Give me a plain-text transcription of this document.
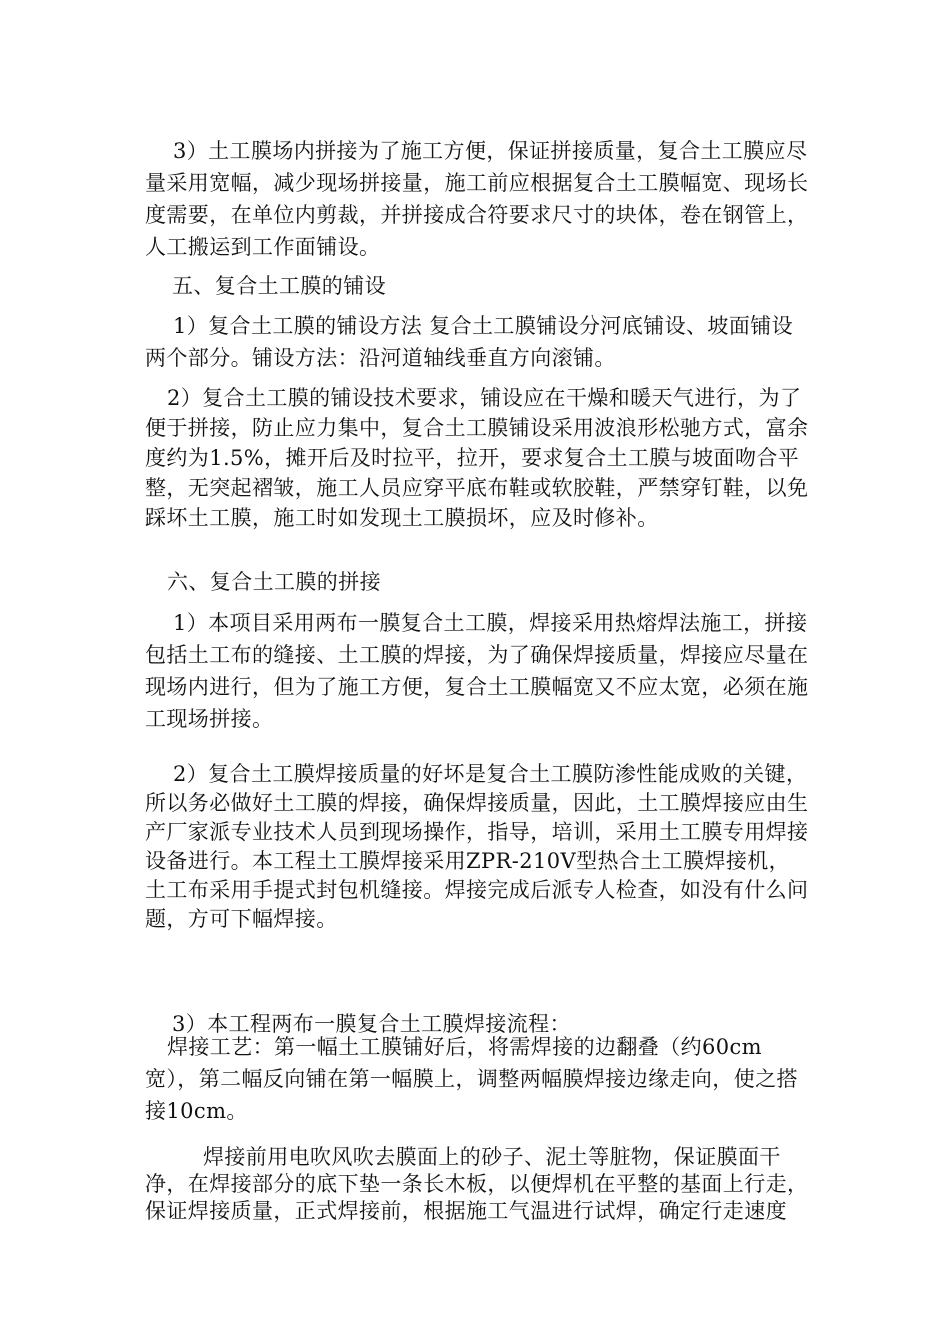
3）土工膜场内拼接为了施工方便，保证拼接质量，复合土工膜应尽量采用宽幅，减少现场拼接量，施工前应根据复合土工膜幅宽、现场长度需要，在单位内剪裁，并拼接成合符要求尺寸的块体，卷在钢管上，人工搬运到工作面铺设。

五、复合土工膜的铺设

1）复合土工膜的铺设方法 复合土工膜铺设分河底铺设、坡面铺设两个部分。铺设方法：沿河道轴线垂直方向滚铺。

2）复合土工膜的铺设技术要求，铺设应在干燥和暖天气进行，为了便于拼接，防止应力集中，复合土工膜铺设采用波浪形松驰方式，富余度约为1.5%，摊开后及时拉平，拉开，要求复合土工膜与坡面吻合平整，无突起褶皱，施工人员应穿平底布鞋或软胶鞋，严禁穿钉鞋，以免踩坏土工膜，施工时如发现土工膜损坏，应及时修补。

六、复合土工膜的拼接

1）本项目采用两布一膜复合土工膜，焊接采用热熔焊法施工，拼接包括土工布的缝接、土工膜的焊接，为了确保焊接质量，焊接应尽量在现场内进行，但为了施工方便，复合土工膜幅宽又不应太宽，必须在施工现场拼接。

2）复合土工膜焊接质量的好坏是复合土工膜防渗性能成败的关键，所以务必做好土工膜的焊接，确保焊接质量，因此，土工膜焊接应由生产厂家派专业技术人员到现场操作，指导，培训，采用土工膜专用焊接设备进行。本工程土工膜焊接采用ZPR-210V型热合土工膜焊接机，土工布采用手提式封包机缝接。焊接完成后派专人检查，如没有什么问题，方可下幅焊接。

3）本工程两布一膜复合土工膜焊接流程：

焊接工艺：第一幅土工膜铺好后，将需焊接的边翻叠（约60cm宽），第二幅反向铺在第一幅膜上，调整两幅膜焊接边缘走向，使之搭接10cm。

焊接前用电吹风吹去膜面上的砂子、泥土等脏物，保证膜面干净，在焊接部分的底下垫一条长木板，以便焊机在平整的基面上行走，保证焊接质量，正式焊接前，根据施工气温进行试焊，确定行走速度
